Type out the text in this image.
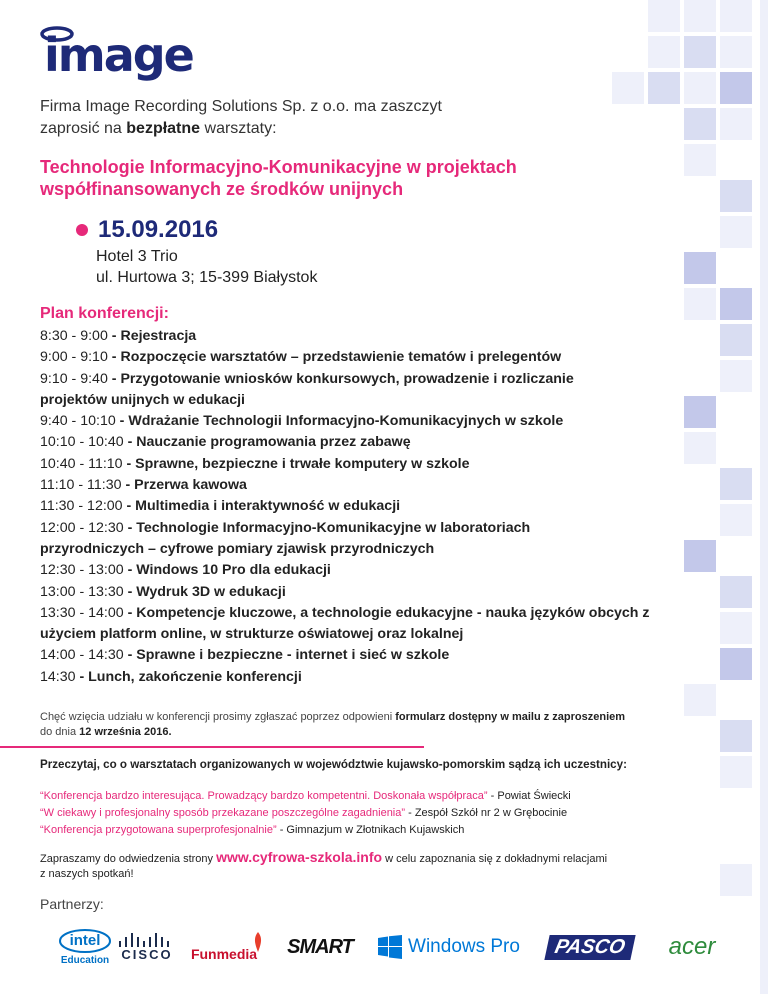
image
Firma Image Recording Solutions Sp. z o.o. ma zaszczyt
zaprosić na bezpłatne warsztaty:
Technologie Informacyjno-Komunikacyjne w projektach
współfinansowanych ze środków unijnych
15.09.2016
Hotel 3 Trio
ul. Hurtowa 3; 15-399 Białystok
Plan konferencji:
8:30 - 9:00 - Rejestracja
9:00 - 9:10 - Rozpoczęcie warsztatów – przedstawienie tematów i prelegentów
9:10 - 9:40 - Przygotowanie wniosków konkursowych, prowadzenie i rozliczanie
projektów unijnych w edukacji
9:40 - 10:10 - Wdrażanie Technologii Informacyjno-Komunikacyjnych w szkole
10:10 - 10:40 - Nauczanie programowania przez zabawę
10:40 - 11:10 - Sprawne, bezpieczne i trwałe komputery w szkole
11:10 - 11:30 - Przerwa kawowa
11:30 - 12:00 - Multimedia i interaktywność w edukacji
12:00 - 12:30 - Technologie Informacyjno-Komunikacyjne w laboratoriach
przyrodniczych – cyfrowe pomiary zjawisk przyrodniczych
12:30 - 13:00 - Windows 10 Pro dla edukacji
13:00 - 13:30 - Wydruk 3D w edukacji
13:30 - 14:00 - Kompetencje kluczowe, a technologie edukacyjne - nauka języków obcych z
użyciem platform online, w strukturze oświatowej oraz lokalnej
14:00 - 14:30 - Sprawne i bezpieczne - internet i sieć w szkole
14:30 - Lunch, zakończenie konferencji
Chęć wzięcia udziału w konferencji prosimy zgłaszać poprzez odpowieni formularz dostępny w mailu z zaproszeniem
do dnia 12 września 2016.
Przeczytaj, co o warsztatach organizowanych w województwie kujawsko-pomorskim sądzą ich uczestnicy:
“Konferencja bardzo interesująca. Prowadzący bardzo kompetentni. Doskonała współpraca” - Powiat Świecki
“W ciekawy i profesjonalny sposób przekazane poszczególne zagadnienia” - Zespół Szkół nr 2 w Grębocinie
“Konferencja przygotowana superprofesjonalnie” - Gimnazjum w Złotnikach Kujawskich
Zapraszamy do odwiedzenia strony www.cyfrowa-szkola.info w celu zapoznania się z dokładnymi relacjami
z naszych spotkań!
Partnerzy:
intel
Education CISCO Funmedia SMART	Windows Pro	PASCO	acer
